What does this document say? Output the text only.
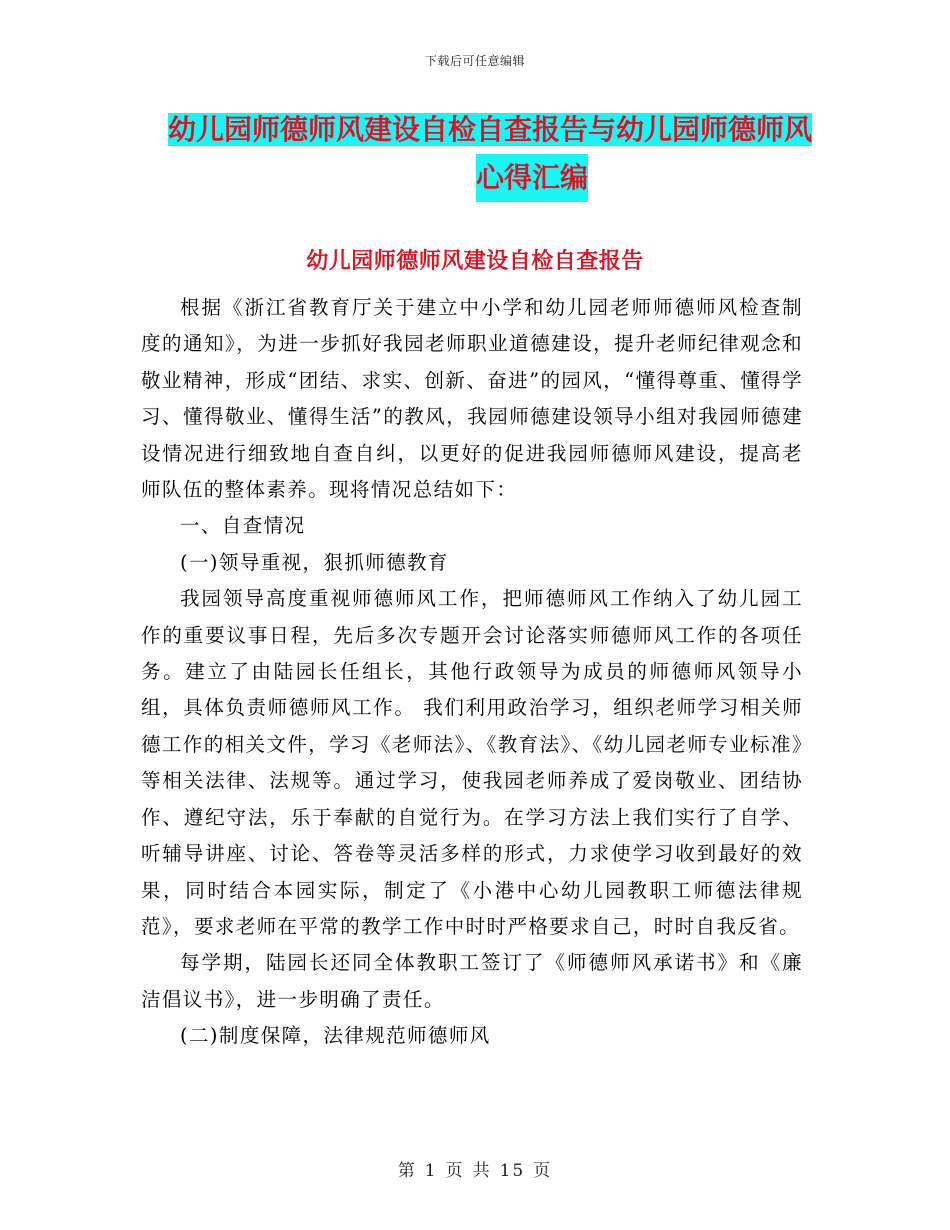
下载后可任意编辑
幼儿园师德师风建设自检自查报告与幼儿园师德师风
心得汇编
幼儿园师德师风建设自检自查报告

根据《浙江省教育厅关于建立中小学和幼儿园老师师德师风检查制度的通知》，为进一步抓好我园老师职业道德建设，提升老师纪律观念和敬业精神，形成“团结、求实、创新、奋进”的园风，“懂得尊重、懂得学习、懂得敬业、懂得生活”的教风，我园师德建设领导小组对我园师德建设情况进行细致地自查自纠，以更好的促进我园师德师风建设，提高老师队伍的整体素养。现将情况总结如下：

一、自查情况

(一)领导重视，狠抓师德教育

我园领导高度重视师德师风工作，把师德师风工作纳入了幼儿园工作的重要议事日程，先后多次专题开会讨论落实师德师风工作的各项任务。建立了由陆园长任组长，其他行政领导为成员的师德师风领导小组，具体负责师德师风工作。 我们利用政治学习，组织老师学习相关师德工作的相关文件，学习《老师法》、《教育法》、《幼儿园老师专业标准》等相关法律、法规等。通过学习，使我园老师养成了爱岗敬业、团结协作、遵纪守法，乐于奉献的自觉行为。在学习方法上我们实行了自学、听辅导讲座、讨论、答卷等灵活多样的形式，力求使学习收到最好的效果，同时结合本园实际，制定了《小港中心幼儿园教职工师德法律规范》，要求老师在平常的教学工作中时时严格要求自己，时时自我反省。

每学期，陆园长还同全体教职工签订了《师德师风承诺书》和《廉洁倡议书》，进一步明确了责任。

(二)制度保障，法律规范师德师风

第 1 页 共 15 页
